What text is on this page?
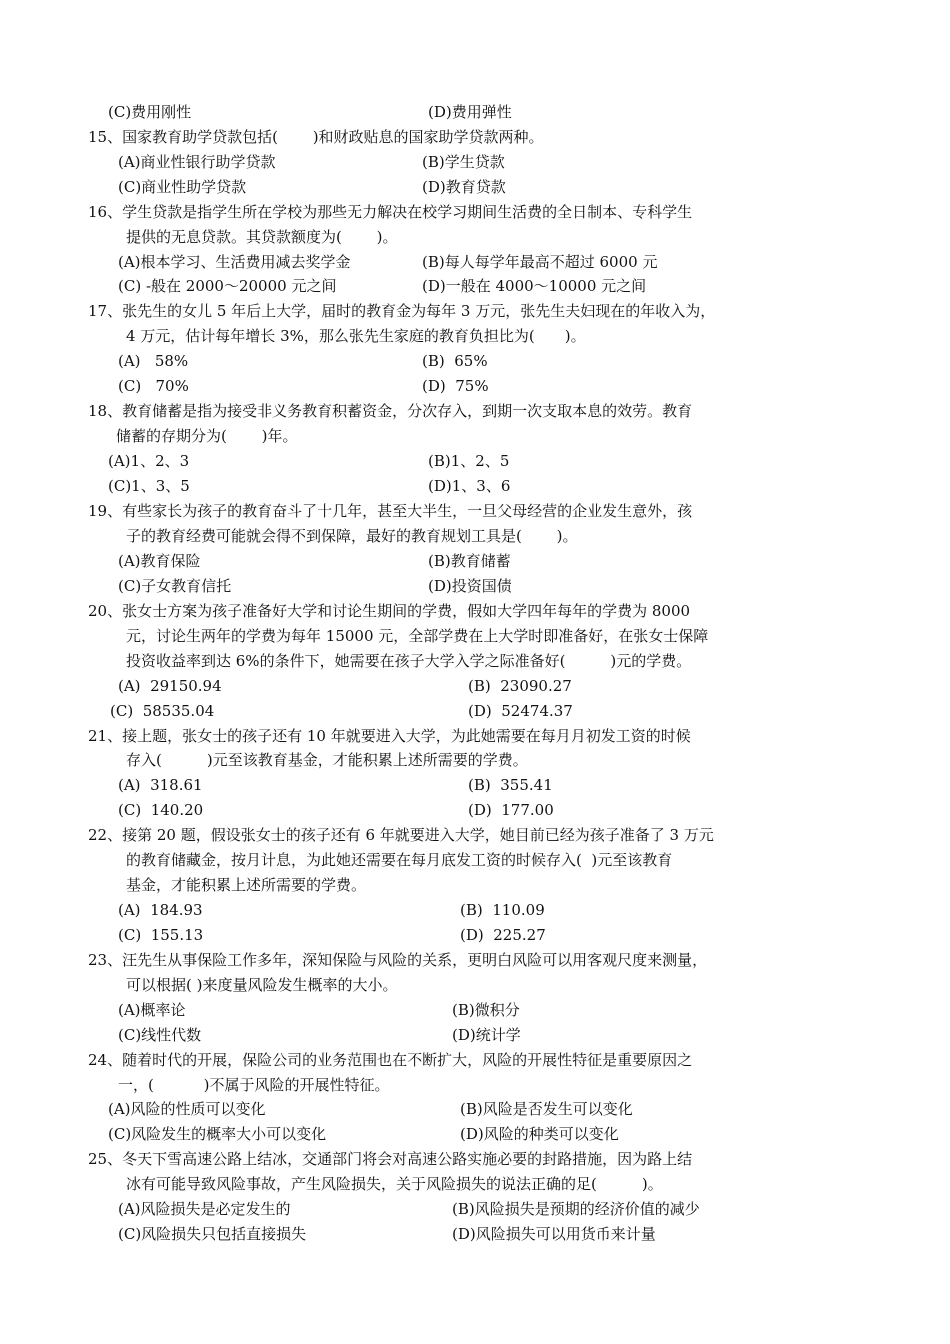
(C)费用刚性	(D)费用弹性
15、国家教育助学贷款包括(　　 )和财政贴息的国家助学贷款两种。
(A)商业性银行助学贷款	(B)学生贷款
(C)商业性助学贷款	(D)教育贷款
16、学生贷款是指学生所在学校为那些无力解决在校学习期间生活费的全日制本、专科学生
提供的无息贷款。其贷款额度为(　　 )。
(A)根本学习、生活费用减去奖学金	(B)每人每学年最高不超过 6000 元
(C) -般在 2000～20000 元之间	(D)一般在 4000～10000 元之间
17、张先生的女儿 5 年后上大学，届时的教育金为每年 3 万元，张先生夫妇现在的年收入为，
4 万元，估计每年增长 3%，那么张先生家庭的教育负担比为(　　)。
(A)   58%	(B)  65%
(C)   70%	(D)  75%
18、教育储蓄是指为接受非义务教育积蓄资金，分次存入，到期一次支取本息的效劳。教育
储蓄的存期分为(　　 )年。
(A)1、2、3	(B)1、2、5
(C)1、3、5	(D)1、3、6
19、有些家长为孩子的教育奋斗了十几年，甚至大半生，一旦父母经营的企业发生意外，孩
子的教育经费可能就会得不到保障，最好的教育规划工具是(　　 )。
(A)教育保险	(B)教育储蓄
(C)子女教育信托	(D)投资国债
20、张女士方案为孩子准备好大学和讨论生期间的学费，假如大学四年每年的学费为 8000
元，讨论生两年的学费为每年 15000 元，全部学费在上大学时即准备好，在张女士保障
投资收益率到达 6%的条件下，她需要在孩子大学入学之际准备好(　　　)元的学费。
(A)  29150.94	(B)  23090.27
(C)  58535.04	(D)  52474.37
21、接上题，张女士的孩子还有 10 年就要进入大学，为此她需要在每月月初发工资的时候
存入(　　　)元至该教育基金，才能积累上述所需要的学费。
(A)  318.61	(B)  355.41
(C)  140.20	(D)  177.00
22、接第 20 题，假设张女士的孩子还有 6 年就要进入大学，她目前已经为孩子准备了 3 万元
的教育储藏金，按月计息，为此她还需要在每月底发工资的时候存入(  )元至该教育
基金，才能积累上述所需要的学费。
(A)  184.93	(B)  110.09
(C)  155.13	(D)  225.27
23、汪先生从事保险工作多年，深知保险与风险的关系，更明白风险可以用客观尺度来测量，
可以根据( )来度量风险发生概率的大小。
(A)概率论	(B)微积分
(C)线性代数	(D)统计学
24、随着时代的开展，保险公司的业务范围也在不断扩大，风险的开展性特征是重要原因之
一，(　　　 )不属于风险的开展性特征。
(A)风险的性质可以变化	(B)风险是否发生可以变化
(C)风险发生的概率大小可以变化	(D)风险的种类可以变化
25、冬天下雪高速公路上结冰，交通部门将会对高速公路实施必要的封路措施，因为路上结
冰有可能导致风险事故，产生风险损失，关于风险损失的说法正确的足(　　　)。
(A)风险损失是必定发生的	(B)风险损失是预期的经济价值的减少
(C)风险损失只包括直接损失	(D)风险损失可以用货币来计量
